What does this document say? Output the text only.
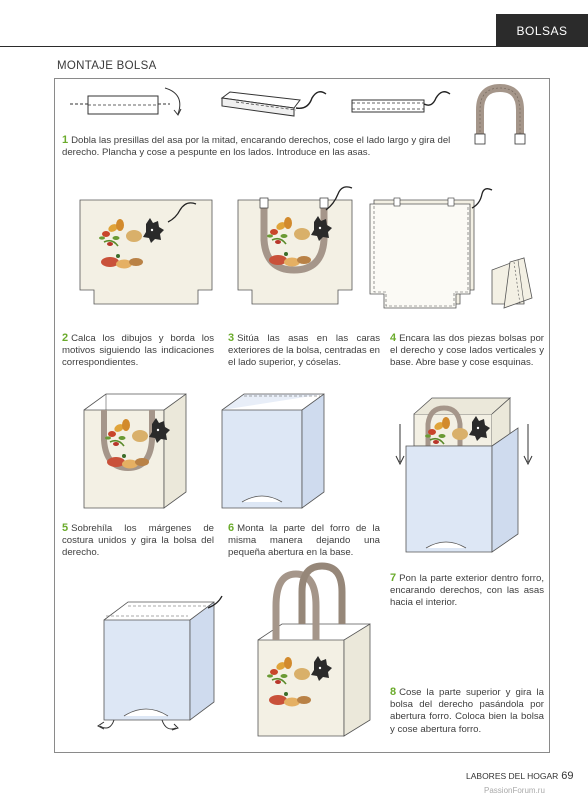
BOLSAS
MONTAJE BOLSA
1 Dobla las presillas del asa por la mitad, encarando derechos, cose el lado largo y gira del derecho. Plancha y cose a pespunte en los lados. Introduce en las asas.
2 Calca los dibujos y borda los motivos siguiendo las indicaciones correspondientes.
3 Sitúa las asas en las caras exteriores de la bolsa, centradas en el lado superior, y cóselas.
4 Encara las dos piezas bolsas por el derecho y cose lados verticales y base. Abre base y cose esquinas.
5 Sobrehíla los márgenes de costura unidos y gira la bolsa del derecho.
6 Monta la parte del forro de la misma manera dejando una pequeña abertura en la base.
7 Pon la parte exterior dentro forro, encarando derechos, con las asas hacia el interior.
8 Cose la parte superior y gira la bolsa del derecho pasándola por abertura forro. Coloca bien la bolsa y cose abertura forro.
LABORES DEL HOGAR 69
PassionForum.ru
